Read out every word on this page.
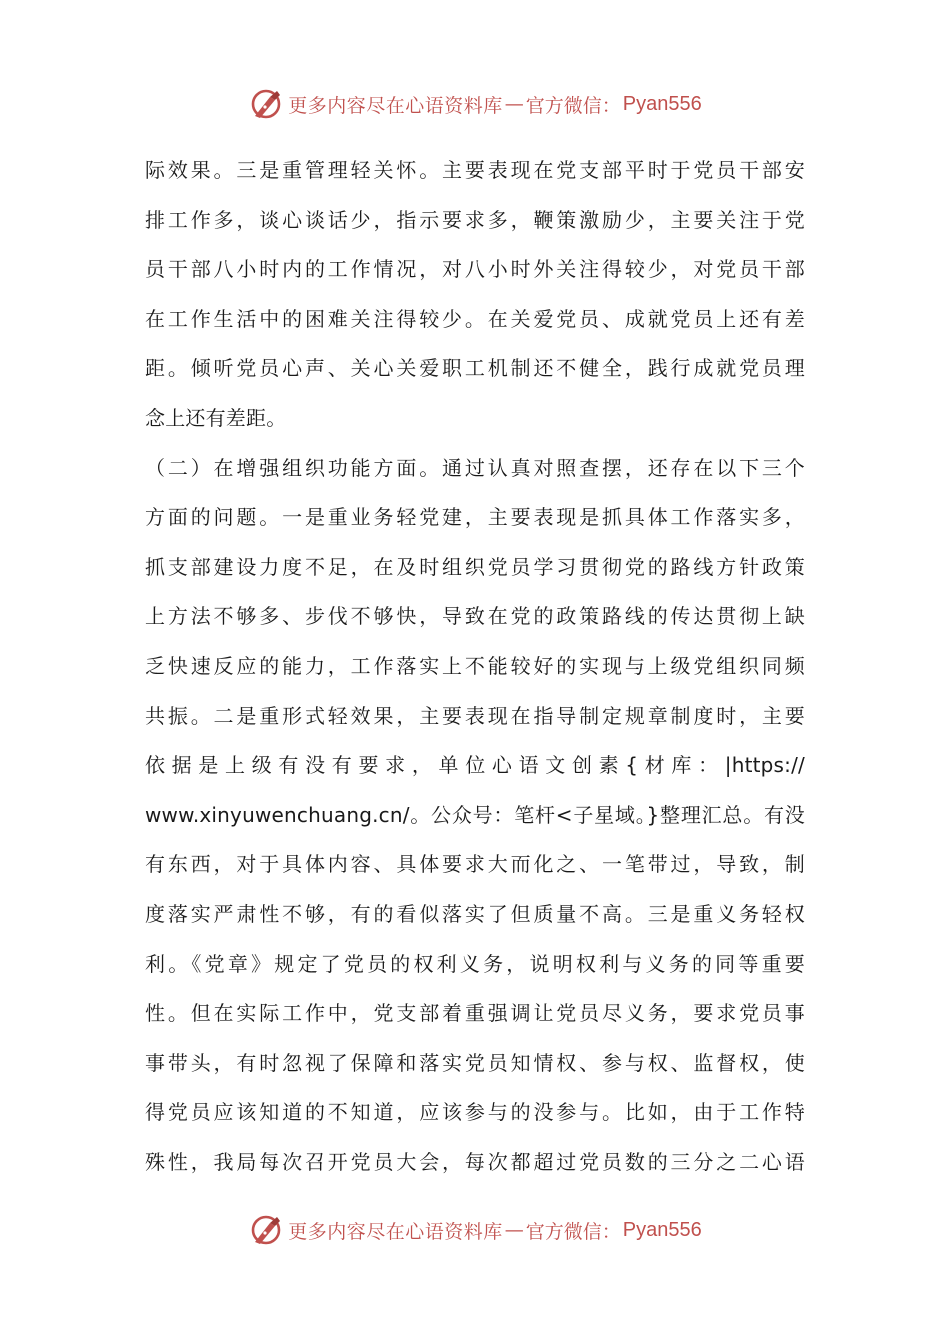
更多内容尽在心语资料库 — 官方微信： Pyan556
际效果。三是重管理轻关怀。主要表现在党支部平时于党员干部安
排工作多，谈心谈话少，指示要求多，鞭策激励少，主要关注于党
员干部八小时内的工作情况，对八小时外关注得较少，对党员干部
在工作生活中的困难关注得较少。在关爱党员、成就党员上还有差
距。倾听党员心声、关心关爱职工机制还不健全，践行成就党员理
念上还有差距。
（二）在增强组织功能方面。通过认真对照查摆，还存在以下三个
方面的问题。一是重业务轻党建，主要表现是抓具体工作落实多，
抓支部建设力度不足，在及时组织党员学习贯彻党的路线方针政策
上方法不够多、步伐不够快，导致在党的政策路线的传达贯彻上缺
乏快速反应的能力，工作落实上不能较好的实现与上级党组织同频
共振。二是重形式轻效果，主要表现在指导制定规章制度时，主要
依据是上级有没有要求，单位心语文创素{材库：|https://
www.xinyuwenchuang.cn/。公众号：笔杆<子星域。}整理汇总。有没
有东西，对于具体内容、具体要求大而化之、一笔带过，导致，制
度落实严肃性不够，有的看似落实了但质量不高。三是重义务轻权
利。《党章》规定了党员的权利义务，说明权利与义务的同等重要
性。但在实际工作中，党支部着重强调让党员尽义务，要求党员事
事带头，有时忽视了保障和落实党员知情权、参与权、监督权，使
得党员应该知道的不知道，应该参与的没参与。比如，由于工作特
殊性，我局每次召开党员大会，每次都超过党员数的三分之二心语
更多内容尽在心语资料库 — 官方微信： Pyan556
